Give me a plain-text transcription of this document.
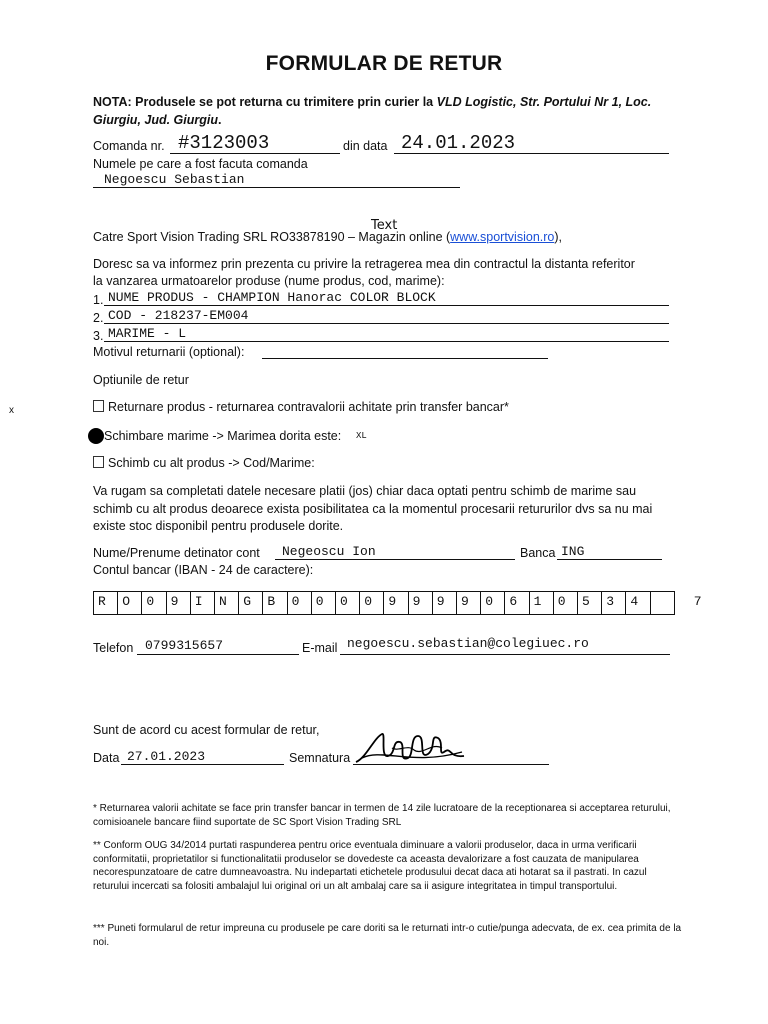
FORMULAR DE RETUR
NOTA: Produsele se pot returna cu trimitere prin curier la VLD Logistic, Str. Portului Nr 1, Loc. Giurgiu, Jud. Giurgiu.
Comanda nr. #3123003	din data 24.01.2023
Numele pe care a fost facuta comanda
Negoescu Sebastian
Text
x
Catre Sport Vision Trading SRL RO33878190 – Magazin online (www.sportvision.ro),
Doresc sa va informez prin prezenta cu privire la retragerea mea din contractul la distanta referitor
la vanzarea urmatoarelor produse (nume produs, cod, marime):
1. NUME PRODUS - CHAMPION Hanorac COLOR BLOCK
2. COD - 218237-EM004
3. MARIME - L
Motivul returnarii (optional):
Optiunile de retur
Returnare produs - returnarea contravalorii achitate prin transfer bancar*
Schimbare marime -> Marimea dorita este: XL
Schimb cu alt produs -> Cod/Marime:
Va rugam sa completati datele necesare platii (jos) chiar daca optati pentru schimb de marime sau
schimb cu alt produs deoarece exista posibilitatea ca la momentul procesarii retururilor dvs sa nu mai
existe stoc disponibil pentru produsele dorite.
Nume/Prenume detinator cont Negeoscu Ion	Banca ING
Contul bancar (IBAN - 24 de caractere):
R O 0 9 I N G B 0 0 0 0 9 9 9 9 0 6 1 0 5 3 4	7
Telefon 0799315657	E-mail negoescu.sebastian@colegiuec.ro
Sunt de acord cu acest formular de retur,
Data 27.01.2023	Semnatura
* Returnarea valorii achitate se face prin transfer bancar in termen de 14 zile lucratoare de la receptionarea si acceptarea returului, comisioanele bancare fiind suportate de SC Sport Vision Trading SRL
** Conform OUG 34/2014 purtati raspunderea pentru orice eventuala diminuare a valorii produselor, daca in urma verificarii conformitatii, proprietatilor si functionalitatii produselor se dovedeste ca aceasta devalorizare a fost cauzata de manipularea necorespunzatoare de catre dumneavoastra. Nu indepartati etichetele produsului decat daca ati hotarat sa il pastrati. In cazul returului incercati sa folositi ambalajul lui original ori un alt ambalaj care sa ii asigure integritatea in timpul transportului.
*** Puneti formularul de retur impreuna cu produsele pe care doriti sa le returnati intr-o cutie/punga adecvata, de ex. cea primita de la noi.
